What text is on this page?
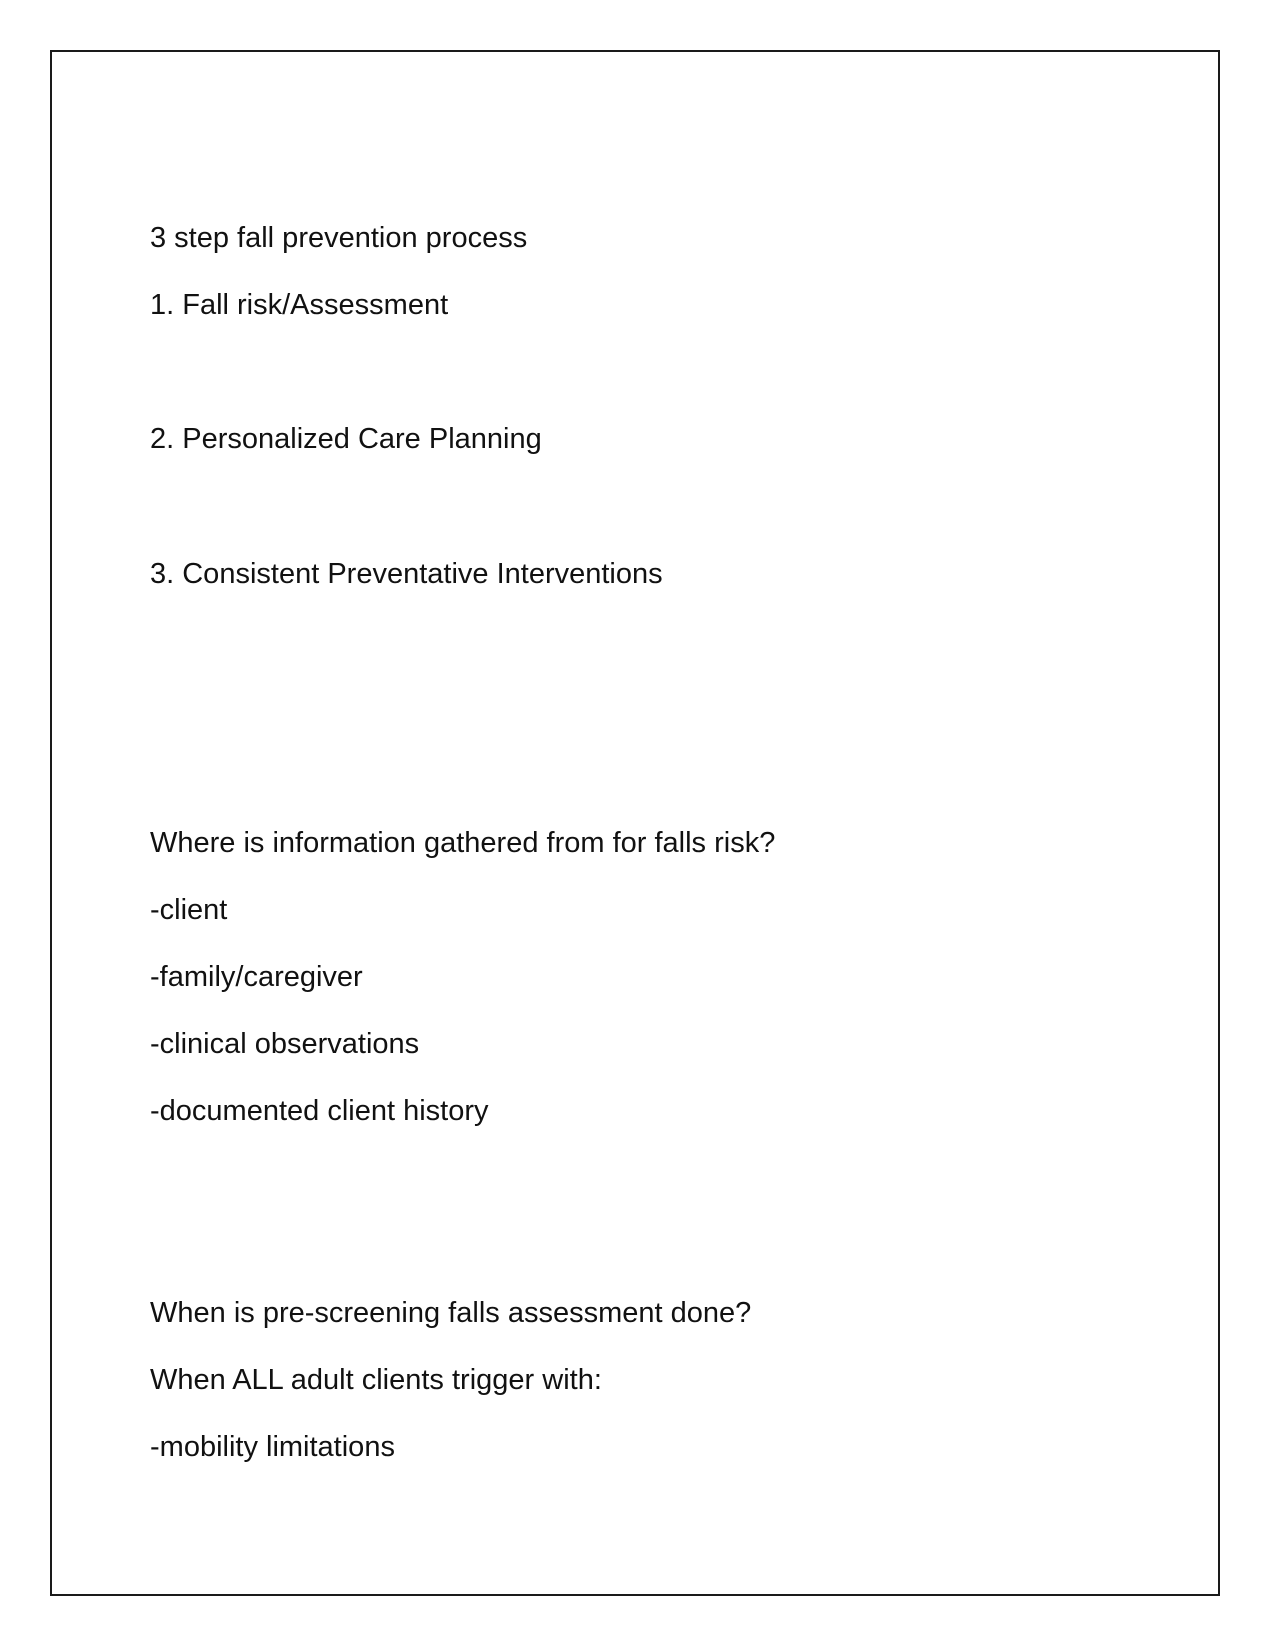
3 step fall prevention process
1. Fall risk/Assessment
2. Personalized Care Planning
3. Consistent Preventative Interventions
Where is information gathered from for falls risk?
-client
-family/caregiver
-clinical observations
-documented client history
When is pre-screening falls assessment done?
When ALL adult clients trigger with:
-mobility limitations
